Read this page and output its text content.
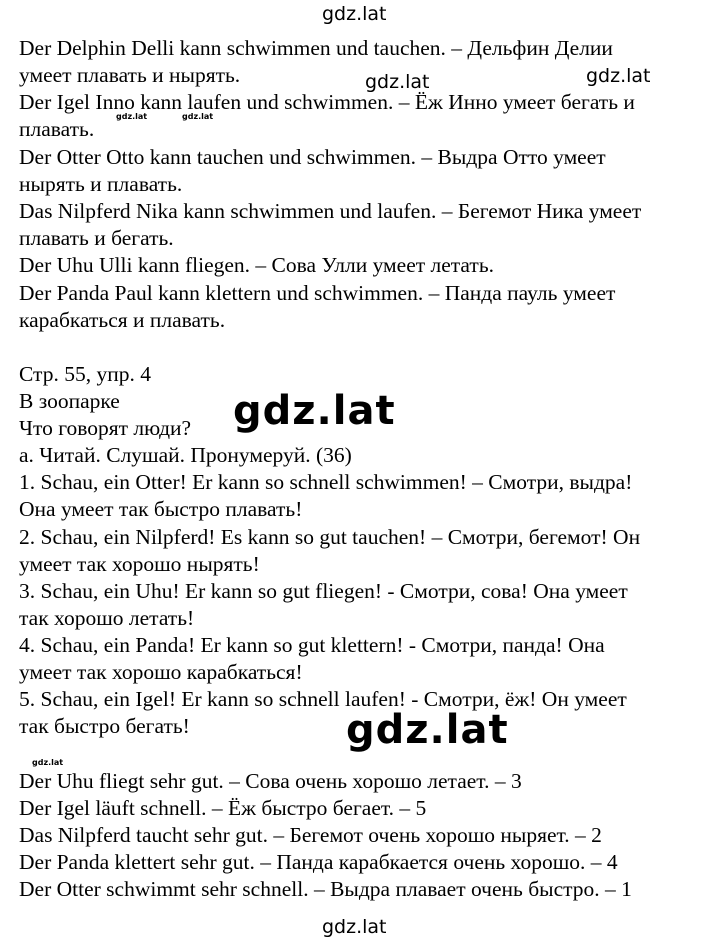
gdz.lat
gdz.lat	gdz.lat
gdz.lat	gdz.lat
gdz.lat
gdz.lat
gdz.lat
gdz.lat
Der Delphin Delli kann schwimmen und tauchen. – Дельфин Делии
умеет плавать и нырять.
Der Igel Inno kann laufen und schwimmen. – Ёж Инно умеет бегать и
плавать.
Der Otter Otto kann tauchen und schwimmen. – Выдра Отто умеет
нырять и плавать.
Das Nilpferd Nika kann schwimmen und laufen. – Бегемот Ника умеет
плавать и бегать.
Der Uhu Ulli kann fliegen. – Сова Улли умеет летать.
Der Panda Paul kann klettern und schwimmen. – Панда пауль умеет
карабкаться и плавать.
Стр. 55, упр. 4
В зоопарке
Что говорят люди?
а. Читай. Слушай. Пронумеруй. (36)
1. Schau, ein Otter! Er kann so schnell schwimmen! – Смотри, выдра!
Она умеет так быстро плавать!
2. Schau, ein Nilpferd! Es kann so gut tauchen! – Смотри, бегемот! Он
умеет так хорошо нырять!
3. Schau, ein Uhu! Er kann so gut fliegen! - Смотри, сова! Она умеет
так хорошо летать!
4. Schau, ein Panda! Er kann so gut klettern! - Смотри, панда! Она
умеет так хорошо карабкаться!
5. Schau, ein Igel! Er kann so schnell laufen! - Смотри, ёж! Он умеет
так быстро бегать!
Der Uhu fliegt sehr gut. – Сова очень хорошо летает. – 3
Der Igel läuft schnell. – Ёж быстро бегает. – 5
Das Nilpferd taucht sehr gut. – Бегемот очень хорошо ныряет. – 2
Der Panda klettert sehr gut. – Панда карабкается очень хорошо. – 4
Der Otter schwimmt sehr schnell. – Выдра плавает очень быстро. – 1
